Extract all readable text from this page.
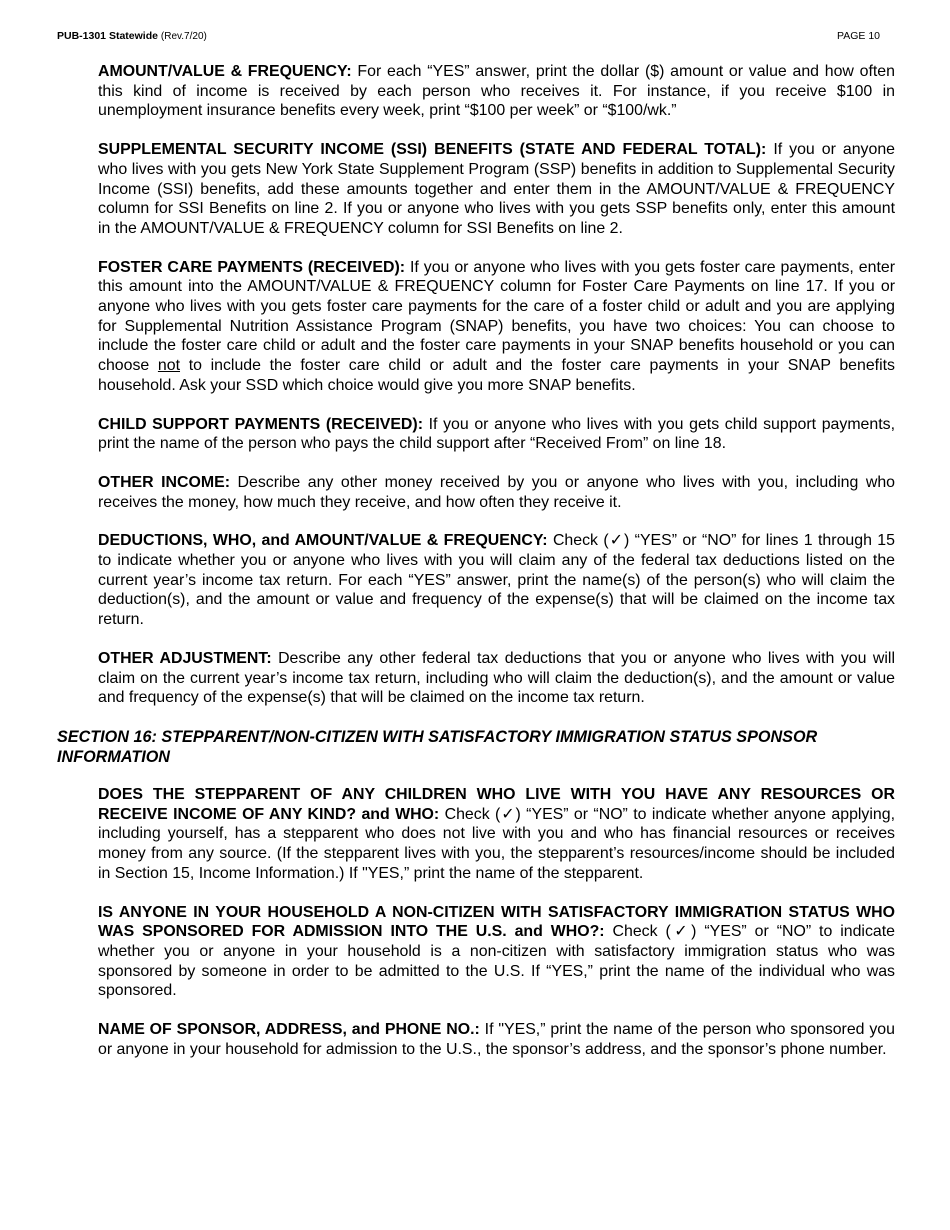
PUB-1301 Statewide (Rev.7/20)	PAGE 10

AMOUNT/VALUE & FREQUENCY: For each “YES” answer, print the dollar ($) amount or value and how often this kind of income is received by each person who receives it. For instance, if you receive $100 in unemployment insurance benefits every week, print “$100 per week” or “$100/wk.”

SUPPLEMENTAL SECURITY INCOME (SSI) BENEFITS (STATE AND FEDERAL TOTAL): If you or anyone who lives with you gets New York State Supplement Program (SSP) benefits in addition to Supplemental Security Income (SSI) benefits, add these amounts together and enter them in the AMOUNT/VALUE & FREQUENCY column for SSI Benefits on line 2. If you or anyone who lives with you gets SSP benefits only, enter this amount in the AMOUNT/VALUE & FREQUENCY column for SSI Benefits on line 2.

FOSTER CARE PAYMENTS (RECEIVED): If you or anyone who lives with you gets foster care payments, enter this amount into the AMOUNT/VALUE & FREQUENCY column for Foster Care Payments on line 17. If you or anyone who lives with you gets foster care payments for the care of a foster child or adult and you are applying for Supplemental Nutrition Assistance Program (SNAP) benefits, you have two choices: You can choose to include the foster care child or adult and the foster care payments in your SNAP benefits household or you can choose not to include the foster care child or adult and the foster care payments in your SNAP benefits household. Ask your SSD which choice would give you more SNAP benefits.

CHILD SUPPORT PAYMENTS (RECEIVED): If you or anyone who lives with you gets child support payments, print the name of the person who pays the child support after “Received From” on line 18.

OTHER INCOME: Describe any other money received by you or anyone who lives with you, including who receives the money, how much they receive, and how often they receive it.

DEDUCTIONS, WHO, and AMOUNT/VALUE & FREQUENCY: Check (✓) “YES” or “NO” for lines 1 through 15 to indicate whether you or anyone who lives with you will claim any of the federal tax deductions listed on the current year’s income tax return. For each “YES” answer, print the name(s) of the person(s) who will claim the deduction(s), and the amount or value and frequency of the expense(s) that will be claimed on the income tax return.

OTHER ADJUSTMENT: Describe any other federal tax deductions that you or anyone who lives with you will claim on the current year’s income tax return, including who will claim the deduction(s), and the amount or value and frequency of the expense(s) that will be claimed on the income tax return.

SECTION 16: STEPPARENT/NON-CITIZEN WITH SATISFACTORY IMMIGRATION STATUS SPONSOR INFORMATION

DOES THE STEPPARENT OF ANY CHILDREN WHO LIVE WITH YOU HAVE ANY RESOURCES OR RECEIVE INCOME OF ANY KIND? and WHO: Check (✓) “YES” or “NO” to indicate whether anyone applying, including yourself, has a stepparent who does not live with you and who has financial resources or receives money from any source. (If the stepparent lives with you, the stepparent’s resources/income should be included in Section 15, Income Information.) If "YES,” print the name of the stepparent.

IS ANYONE IN YOUR HOUSEHOLD A NON-CITIZEN WITH SATISFACTORY IMMIGRATION STATUS WHO WAS SPONSORED FOR ADMISSION INTO THE U.S. and WHO?: Check (✓) “YES” or “NO” to indicate whether you or anyone in your household is a non-citizen with satisfactory immigration status who was sponsored by someone in order to be admitted to the U.S. If “YES,” print the name of the individual who was sponsored.

NAME OF SPONSOR, ADDRESS, and PHONE NO.: If "YES,” print the name of the person who sponsored you or anyone in your household for admission to the U.S., the sponsor’s address, and the sponsor’s phone number.
